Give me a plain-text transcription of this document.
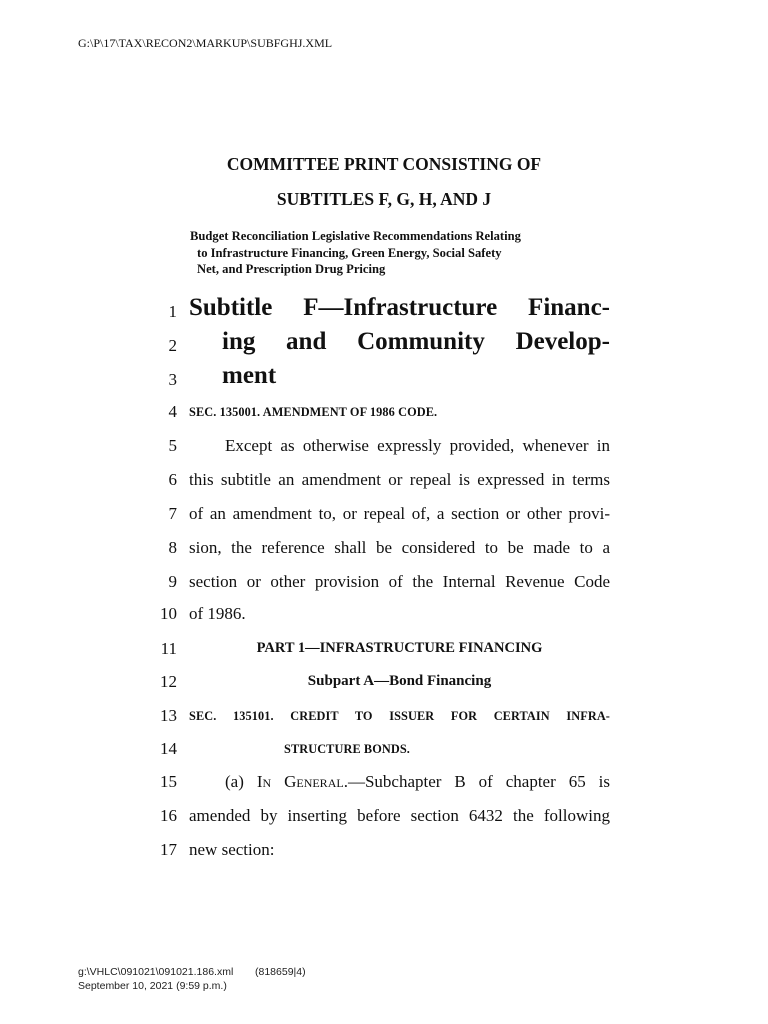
G:\P\17\TAX\RECON2\MARKUP\SUBFGHJ.XML
COMMITTEE PRINT CONSISTING OF
SUBTITLES F, G, H, AND J
Budget Reconciliation Legislative Recommendations Relating
to Infrastructure Financing, Green Energy, Social Safety
Net, and Prescription Drug Pricing
1 Subtitle F—Infrastructure Financ-
2 ing and Community Develop-
3 ment
4 SEC. 135001. AMENDMENT OF 1986 CODE.
5	Except as otherwise expressly provided, whenever in
6 this subtitle an amendment or repeal is expressed in terms
7 of an amendment to, or repeal of, a section or other provi-
8 sion, the reference shall be considered to be made to a
9 section or other provision of the Internal Revenue Code
10 of 1986.
11	PART 1—INFRASTRUCTURE FINANCING
12	Subpart A—Bond Financing
13 SEC. 135101. CREDIT TO ISSUER FOR CERTAIN INFRA-
14	STRUCTURE BONDS.
15	(a) In General.—Subchapter B of chapter 65 is
16 amended by inserting before section 6432 the following
17 new section:
g:\VHLC\091021\091021.186.xml (818659|4)
September 10, 2021 (9:59 p.m.)
